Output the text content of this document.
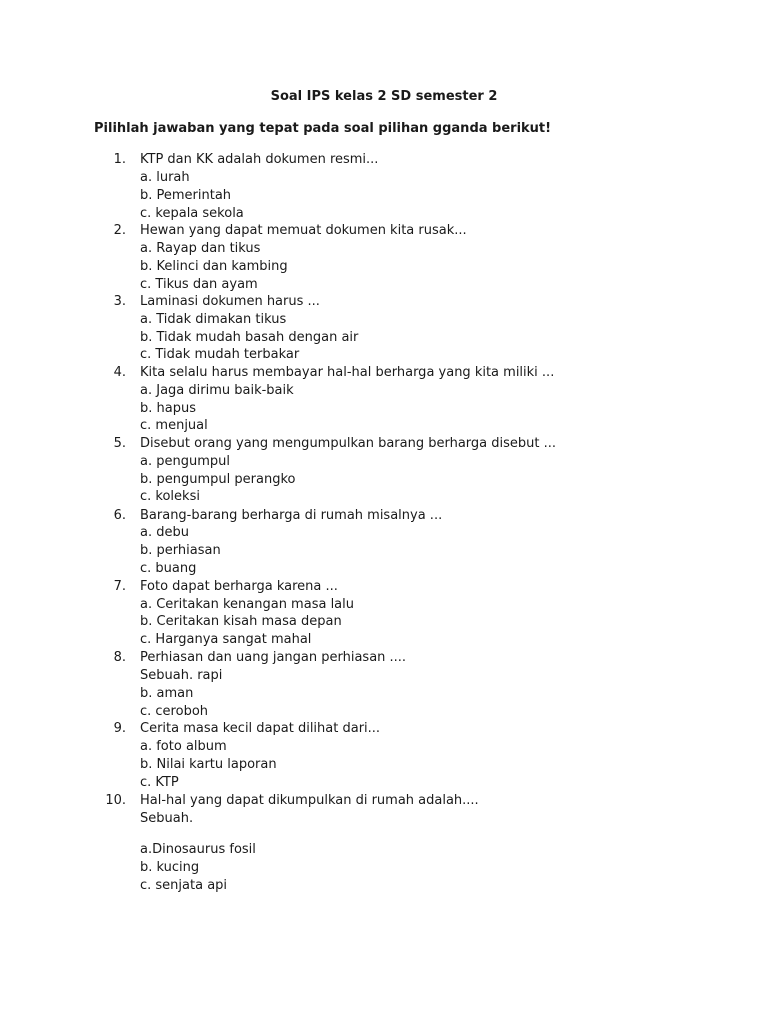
Soal IPS kelas 2 SD semester 2
Pilihlah jawaban yang tepat pada soal pilihan gganda berikut!
1. KTP dan KK adalah dokumen resmi...
a. lurah
b. Pemerintah
c. kepala sekola
2. Hewan yang dapat memuat dokumen kita rusak...
a. Rayap dan tikus
b. Kelinci dan kambing
c. Tikus dan ayam
3. Laminasi dokumen harus ...
a. Tidak dimakan tikus
b. Tidak mudah basah dengan air
c. Tidak mudah terbakar
4. Kita selalu harus membayar hal-hal berharga yang kita miliki ...
a. Jaga dirimu baik-baik
b. hapus
c. menjual
5. Disebut orang yang mengumpulkan barang berharga disebut ...
a. pengumpul
b. pengumpul perangko
c. koleksi
6. Barang-barang berharga di rumah misalnya ...
a. debu
b. perhiasan
c. buang
7. Foto dapat berharga karena ...
a. Ceritakan kenangan masa lalu
b. Ceritakan kisah masa depan
c. Harganya sangat mahal
8. Perhiasan dan uang jangan perhiasan ....
Sebuah. rapi
b. aman
c. ceroboh
9. Cerita masa kecil dapat dilihat dari...
a. foto album
b. Nilai kartu laporan
c. KTP
10. Hal-hal yang dapat dikumpulkan di rumah adalah....
Sebuah.
a.Dinosaurus fosil
b. kucing
c. senjata api
